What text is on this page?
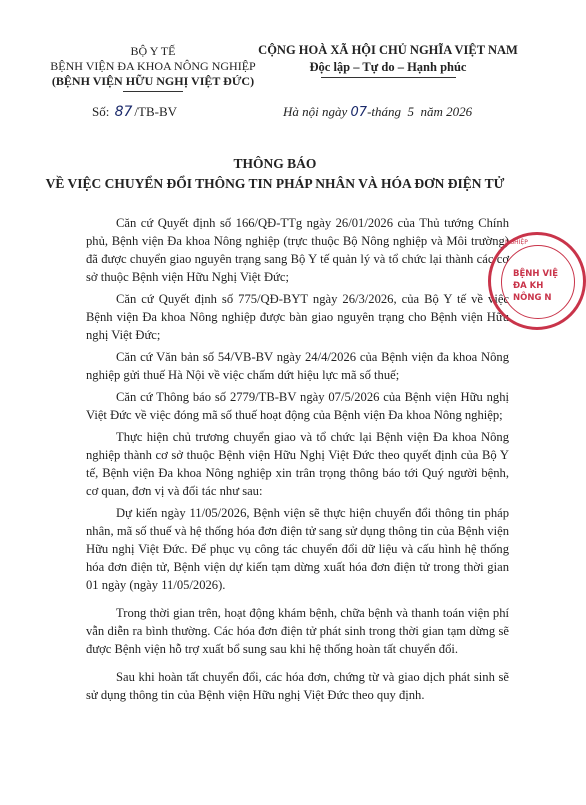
BỘ Y TẾ
BỆNH VIỆN ĐA KHOA NÔNG NGHIỆP
(BỆNH VIỆN HỮU NGHỊ VIỆT ĐỨC)
CỘNG HOÀ XÃ HỘI CHỦ NGHĨA VIỆT NAM
Độc lập – Tự do – Hạnh phúc
Số: 87 /TB-BV	Hà nội ngày 07-tháng 5 năm 2026
THÔNG BÁO
VỀ VIỆC CHUYỂN ĐỔI THÔNG TIN PHÁP NHÂN VÀ HÓA ĐƠN ĐIỆN TỬ

Căn cứ Quyết định số 166/QĐ-TTg ngày 26/01/2026 của Thủ tướng Chính phủ, Bệnh viện Đa khoa Nông nghiệp (trực thuộc Bộ Nông nghiệp và Môi trường) đã được chuyển giao nguyên trạng sang Bộ Y tế quản lý và tổ chức lại thành các cơ sở thuộc Bệnh viện Hữu Nghị Việt Đức;

Căn cứ Quyết định số 775/QĐ-BYT ngày 26/3/2026, của Bộ Y tế về việc Bệnh viện Đa khoa Nông nghiệp được bàn giao nguyên trạng cho Bệnh viện Hữu nghị Việt Đức;

Căn cứ Văn bản số 54/VB-BV ngày 24/4/2026 của Bệnh viện đa khoa Nông nghiệp gửi thuế Hà Nội về việc chấm dứt hiệu lực mã số thuế;

Căn cứ Thông báo số 2779/TB-BV ngày 07/5/2026 của Bệnh viện Hữu nghị Việt Đức về việc đóng mã số thuế hoạt động của Bệnh viện Đa khoa Nông nghiệp;

Thực hiện chủ trương chuyển giao và tổ chức lại Bệnh viện Đa khoa Nông nghiệp thành cơ sở thuộc Bệnh viện Hữu Nghị Việt Đức theo quyết định của Bộ Y tế, Bệnh viện Đa khoa Nông nghiệp xin trân trọng thông báo tới Quý người bệnh, cơ quan, đơn vị và đối tác như sau:

Dự kiến ngày 11/05/2026, Bệnh viện sẽ thực hiện chuyển đổi thông tin pháp nhân, mã số thuế và hệ thống hóa đơn điện tử sang sử dụng thông tin của Bệnh viện Hữu nghị Việt Đức. Để phục vụ công tác chuyển đổi dữ liệu và cấu hình hệ thống hóa đơn điện tử, Bệnh viện dự kiến tạm dừng xuất hóa đơn điện tử trong thời gian 01 ngày (ngày 11/05/2026).

Trong thời gian trên, hoạt động khám bệnh, chữa bệnh và thanh toán viện phí vẫn diễn ra bình thường. Các hóa đơn điện tử phát sinh trong thời gian tạm dừng sẽ được Bệnh viện hỗ trợ xuất bổ sung sau khi hệ thống hoàn tất chuyển đổi.

Sau khi hoàn tất chuyển đổi, các hóa đơn, chứng từ và giao dịch phát sinh sẽ sử dụng thông tin của Bệnh viện Hữu nghị Việt Đức theo quy định.

NGHIỆP
BỆNH VIỆ
ĐA KH
NÔNG N
